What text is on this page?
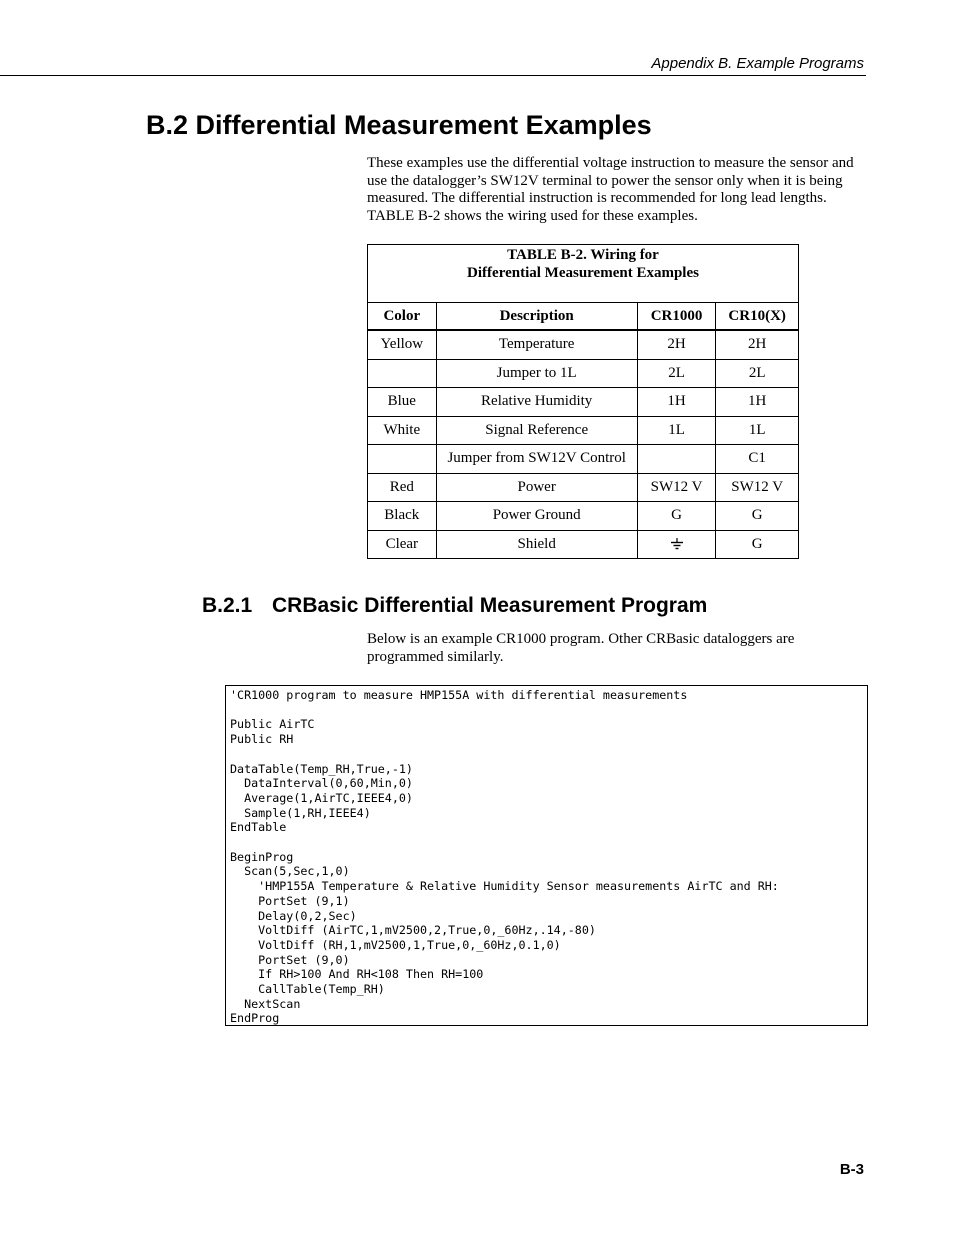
Appendix B. Example Programs
B.2 Differential Measurement Examples

These examples use the differential voltage instruction to measure the sensor and use the datalogger’s SW12V terminal to power the sensor only when it is being measured. The differential instruction is recommended for long lead lengths. TABLE B-2 shows the wiring used for these examples.

TABLE B-2. Wiring for
Differential Measurement Examples			

Color	Description	CR1000	CR10(X)
Yellow	Temperature	2H	2H
	Jumper to 1L	2L	2L
Blue	Relative Humidity	1H	1H
White	Signal Reference	1L	1L
	Jumper from SW12V Control		C1
Red	Power	SW12 V	SW12 V
Black	Power Ground	G	G
Clear	Shield		G
B.2.1 CRBasic Differential Measurement Program

Below is an example CR1000 program. Other CRBasic dataloggers are programmed similarly.

'CR1000 program to measure HMP155A with differential measurements

Public AirTC
Public RH

DataTable(Temp_RH,True,-1)
DataInterval(0,60,Min,0)
Average(1,AirTC,IEEE4,0)
Sample(1,RH,IEEE4)
EndTable

BeginProg
Scan(5,Sec,1,0)
'HMP155A Temperature & Relative Humidity Sensor measurements AirTC and RH:
PortSet (9,1)
Delay(0,2,Sec)
VoltDiff (AirTC,1,mV2500,2,True,0,_60Hz,.14,-80)
VoltDiff (RH,1,mV2500,1,True,0,_60Hz,0.1,0)
PortSet (9,0)
If RH>100 And RH<108 Then RH=100
CallTable(Temp_RH)
NextScan
EndProg
B-3
